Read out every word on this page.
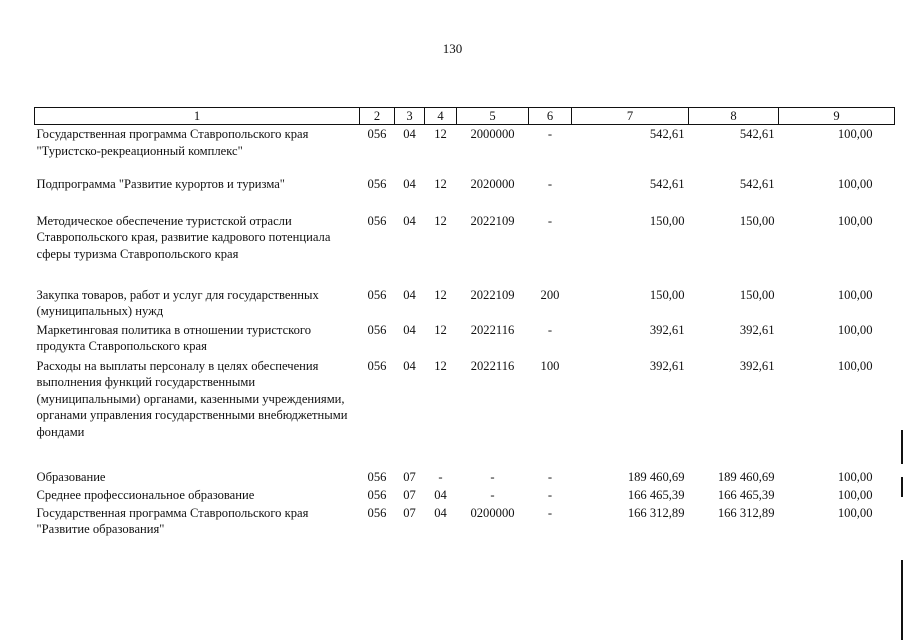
130
1	2	3	4	5	6	7	8	9
Государственная программа Ставропольского края "Туристско-рекреационный комплекс"	056	04	12	2000000	-	542,61	542,61	100,00
Подпрограмма "Развитие курортов и туризма"	056	04	12	2020000	-	542,61	542,61	100,00
Методическое обеспечение туристской отрасли Ставропольского края, развитие кадрового потенциала сферы туризма Ставропольского края	056	04	12	2022109	-	150,00	150,00	100,00
Закупка товаров, работ и услуг для государственных (муниципальных) нужд	056	04	12	2022109	200	150,00	150,00	100,00
Маркетинговая политика в отношении туристского продукта Ставропольского края	056	04	12	2022116	-	392,61	392,61	100,00
Расходы на выплаты персоналу в целях обеспечения выполнения функций государственными (муниципальными) органами, казенными учреждениями, органами управления государственными внебюджетными фондами	056	04	12	2022116	100	392,61	392,61	100,00
Образование	056	07	-	-	-	189 460,69	189 460,69	100,00
Среднее профессиональное образование	056	07	04	-	-	166 465,39	166 465,39	100,00
Государственная программа Ставропольского края "Развитие образования"	056	07	04	0200000	-	166 312,89	166 312,89	100,00
